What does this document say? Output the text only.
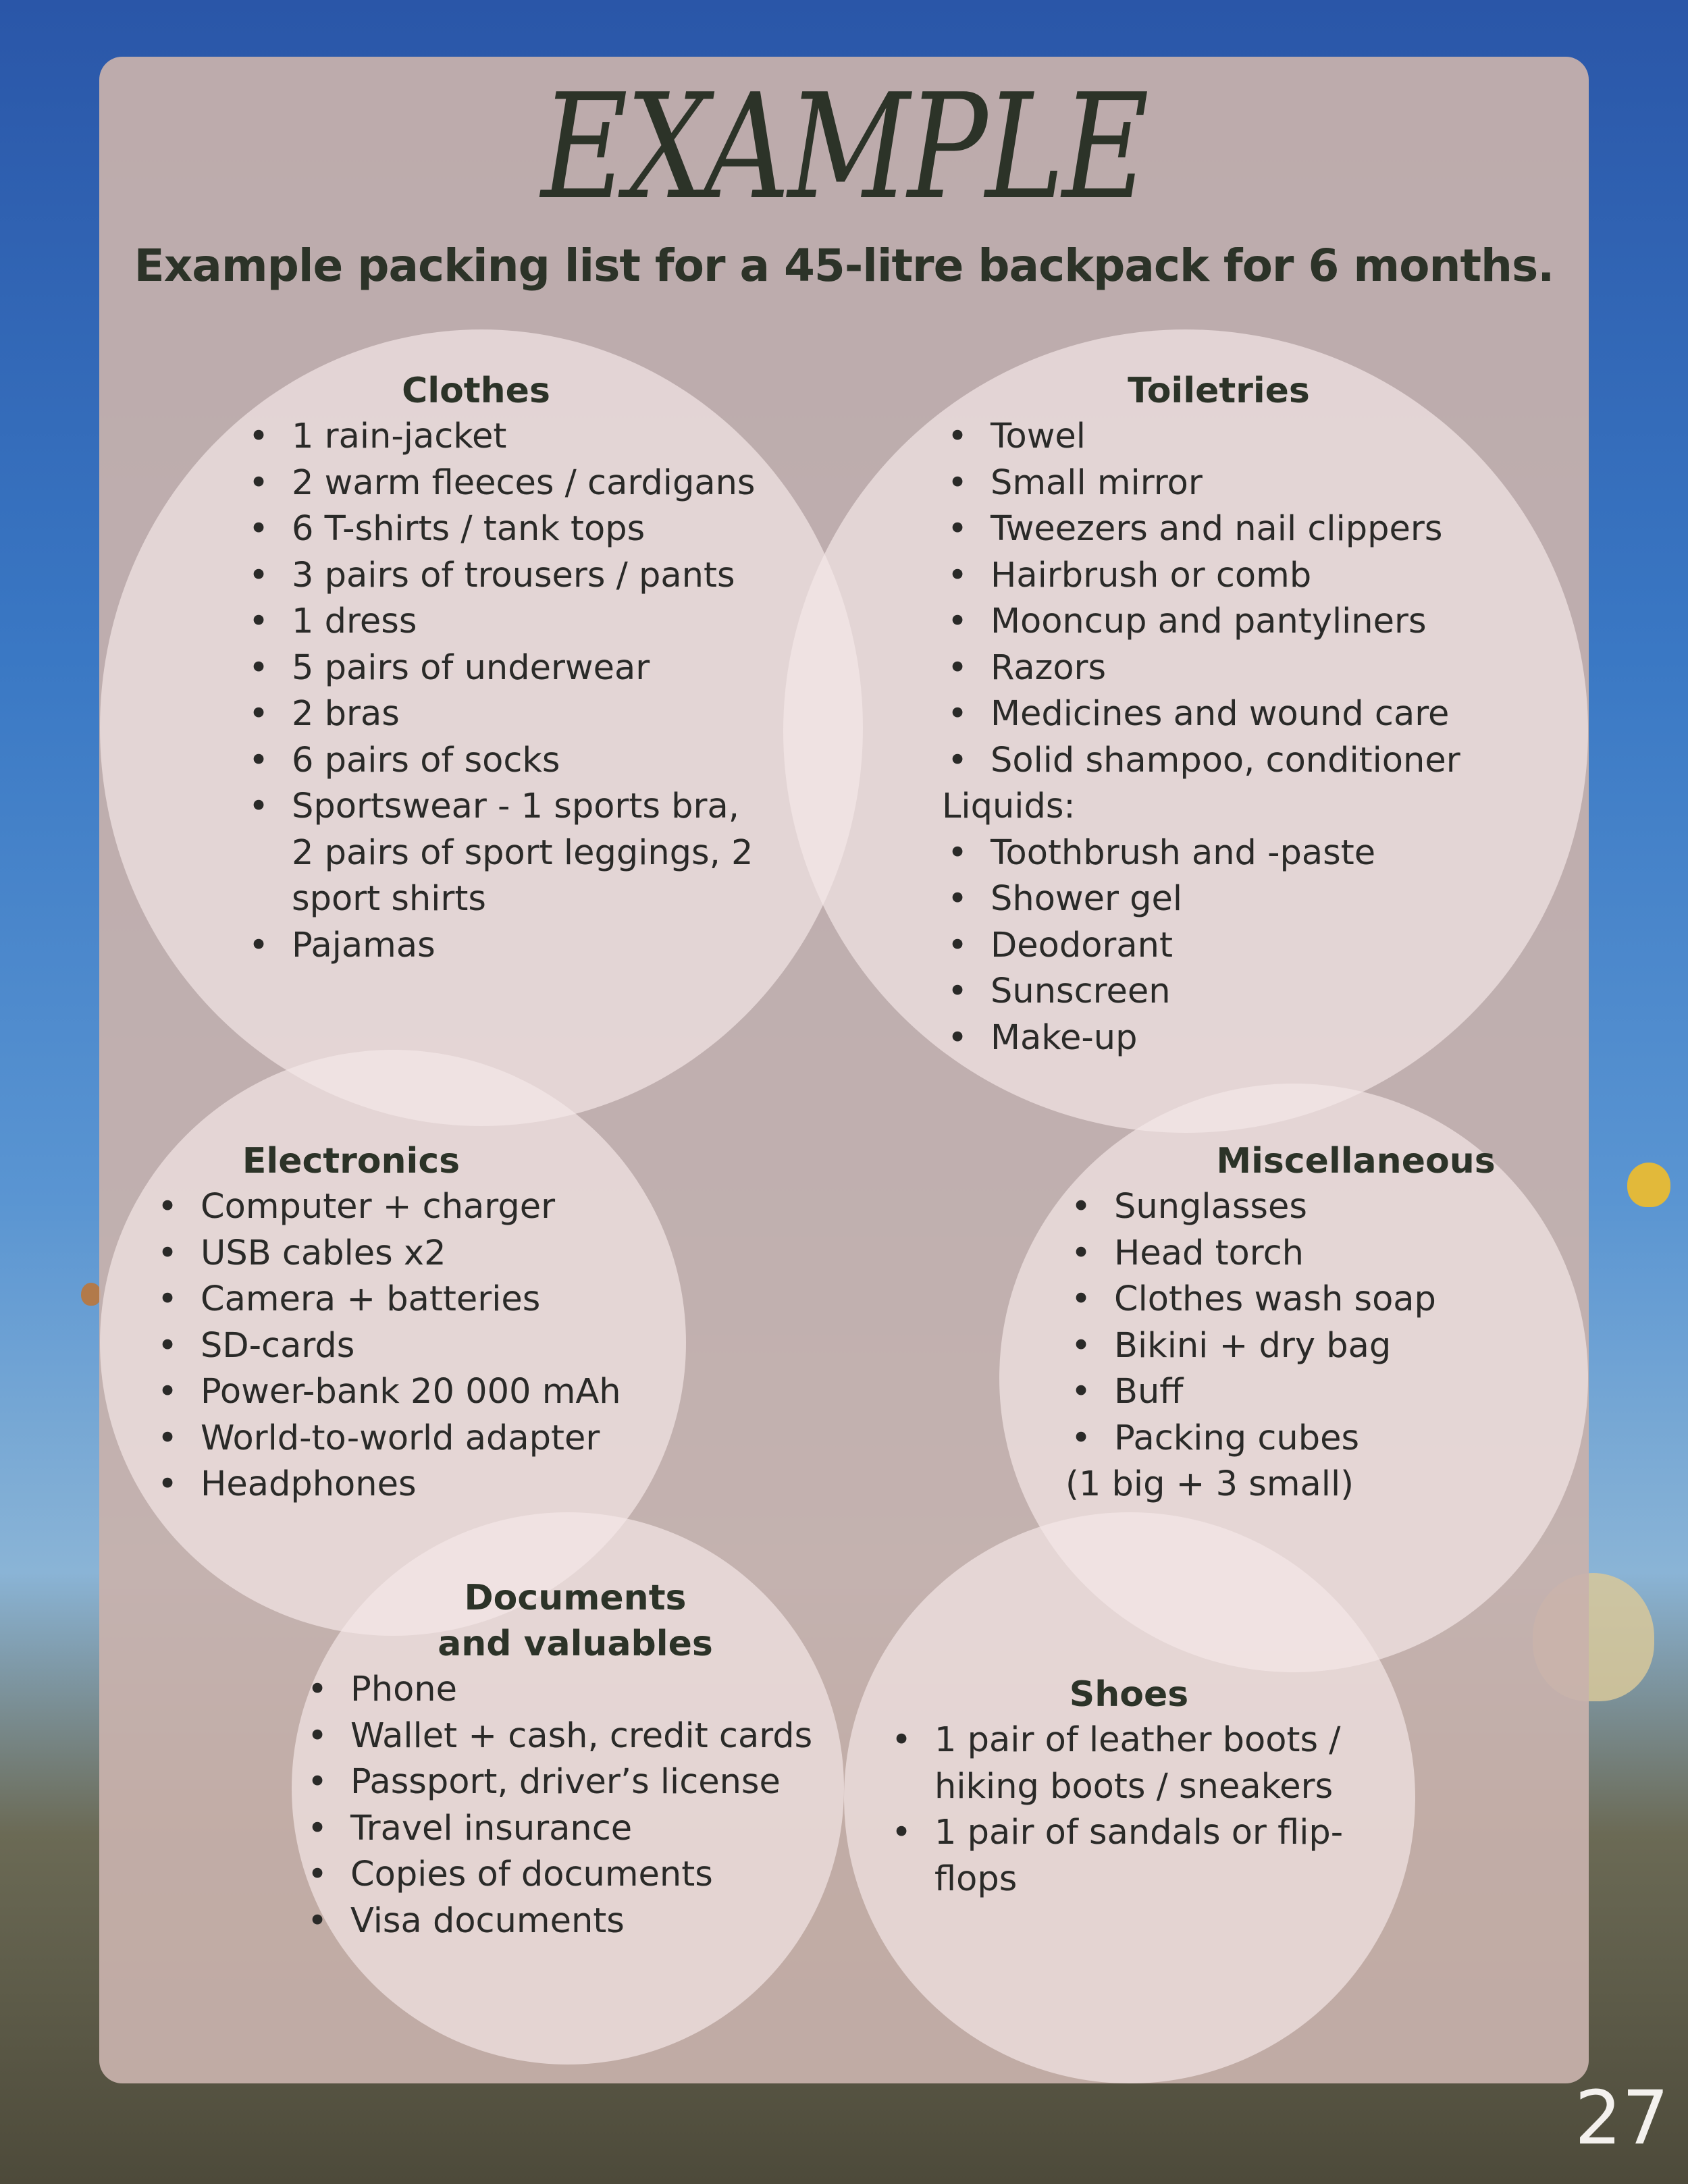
EXAMPLE
Example packing list for a 45-litre backpack for 6 months.
Clothes
• 1 rain-jacket
• 2 warm fleeces / cardigans
• 6 T-shirts / tank tops
• 3 pairs of trousers / pants
• 1 dress
• 5 pairs of underwear
• 2 bras
• 6 pairs of socks
• Sportswear - 1 sports bra, 2 pairs of sport leggings, 2 sport shirts
• Pajamas
Toiletries
• Towel
• Small mirror
• Tweezers and nail clippers
• Hairbrush or comb
• Mooncup and pantyliners
• Razors
• Medicines and wound care
• Solid shampoo, conditioner
Liquids:
• Toothbrush and -paste
• Shower gel
• Deodorant
• Sunscreen
• Make-up
Electronics
• Computer + charger
• USB cables x2
• Camera + batteries
• SD-cards
• Power-bank 20 000 mAh
• World-to-world adapter
• Headphones
Miscellaneous
• Sunglasses
• Head torch
• Clothes wash soap
• Bikini + dry bag
• Buff
• Packing cubes
(1 big + 3 small)
Documents and valuables
• Phone
• Wallet + cash, credit cards
• Passport, driver’s license
• Travel insurance
• Copies of documents
• Visa documents
Shoes
• 1 pair of leather boots / hiking boots / sneakers
• 1 pair of sandals or flip-flops
27
